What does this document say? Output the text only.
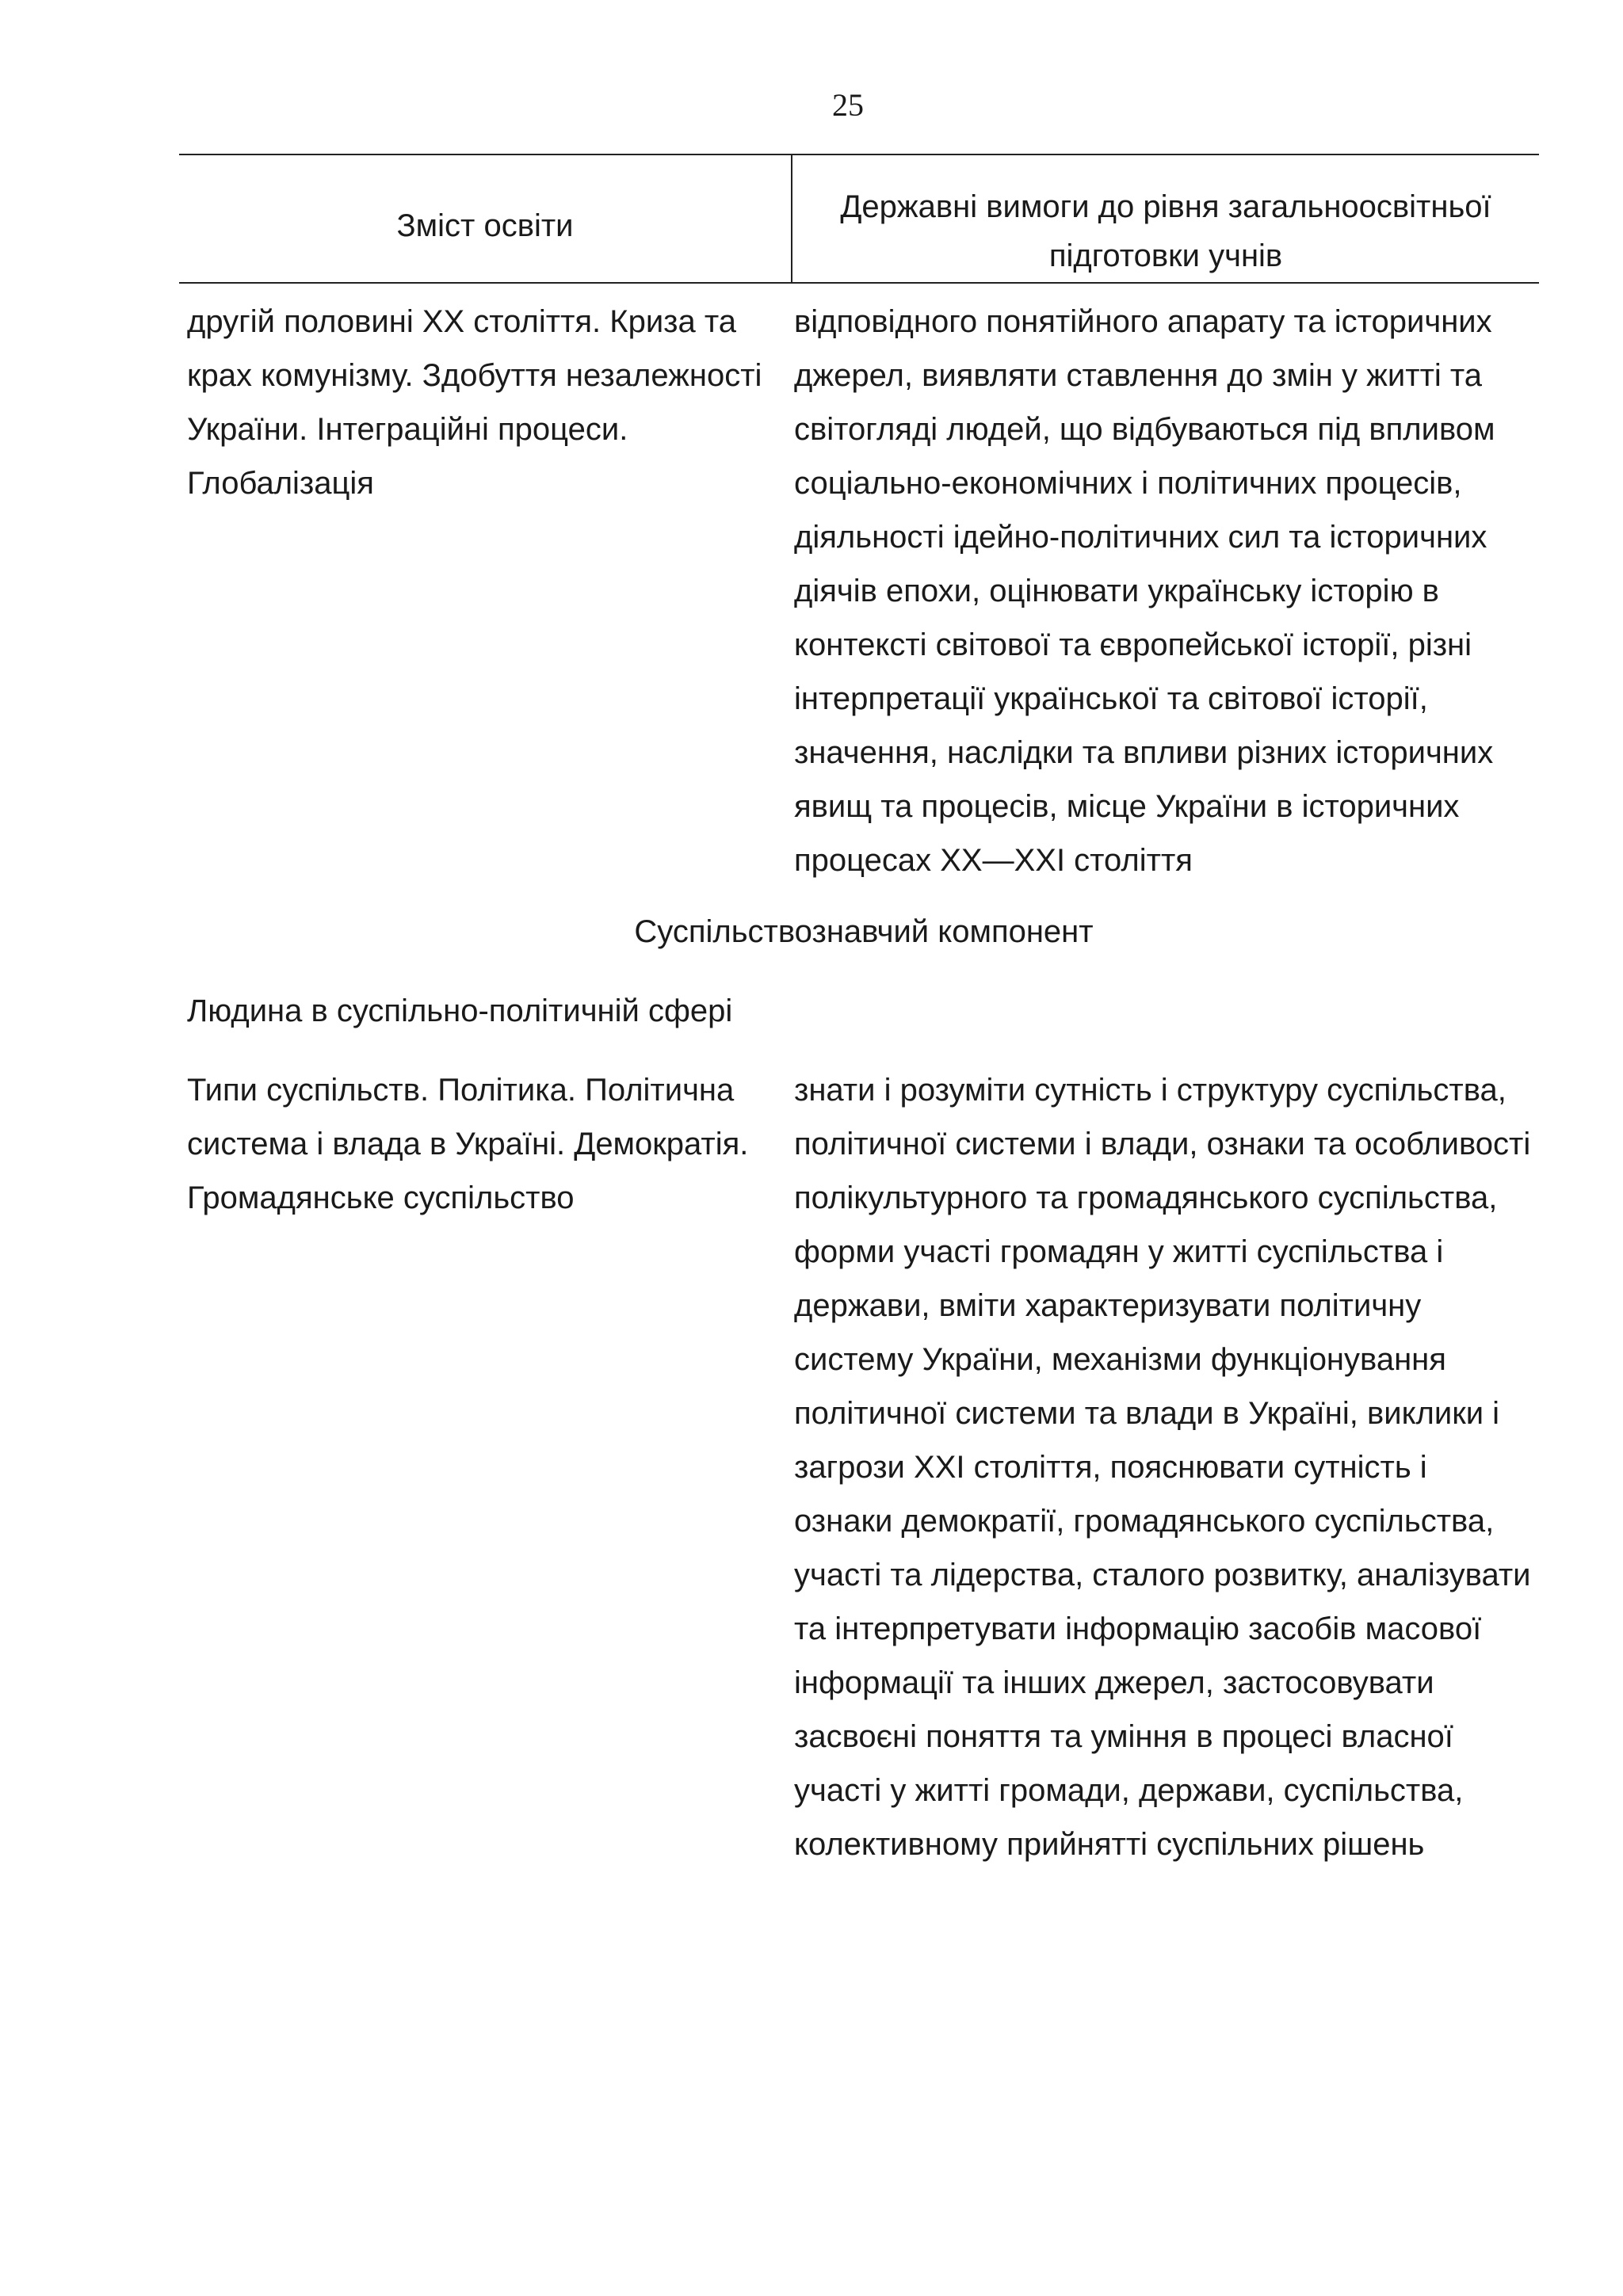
25
Зміст освіти
Державні вимоги до рівня загальноосвітньої підготовки учнів
другій половині XX століття. Криза та крах комунізму. Здобуття незалежності України. Інтеграційні процеси. Глобалізація
відповідного понятійного апарату та історичних джерел, виявляти ставлення до змін у житті та світогляді людей, що відбуваються під впливом соціально-економічних і політичних процесів, діяльності ідейно-політичних сил та історичних діячів епохи, оцінювати українську історію в контексті світової та європейської історії, різні інтерпретації української та світової історії, значення, наслідки та впливи різних історичних явищ та процесів, місце України в історичних процесах XX—XXI століття
Суспільствознавчий компонент
Людина в суспільно-політичній сфері
Типи суспільств. Політика. Політична система і влада в Україні. Демократія. Громадянське суспільство
знати і розуміти сутність і структуру суспільства, політичної системи і влади, ознаки та особливості полікультурного та громадянського суспільства, форми участі громадян у житті суспільства і держави, вміти характеризувати політичну систему України, механізми функціонування політичної системи та влади в Україні, виклики і загрози XXI століття, пояснювати сутність і ознаки демократії, громадянського суспільства, участі та лідерства, сталого розвитку, аналізувати та інтерпретувати інформацію засобів масової інформації та інших джерел, застосовувати засвоєні поняття та уміння в процесі власної участі у житті громади, держави, суспільства, колективному прийнятті суспільних рішень
